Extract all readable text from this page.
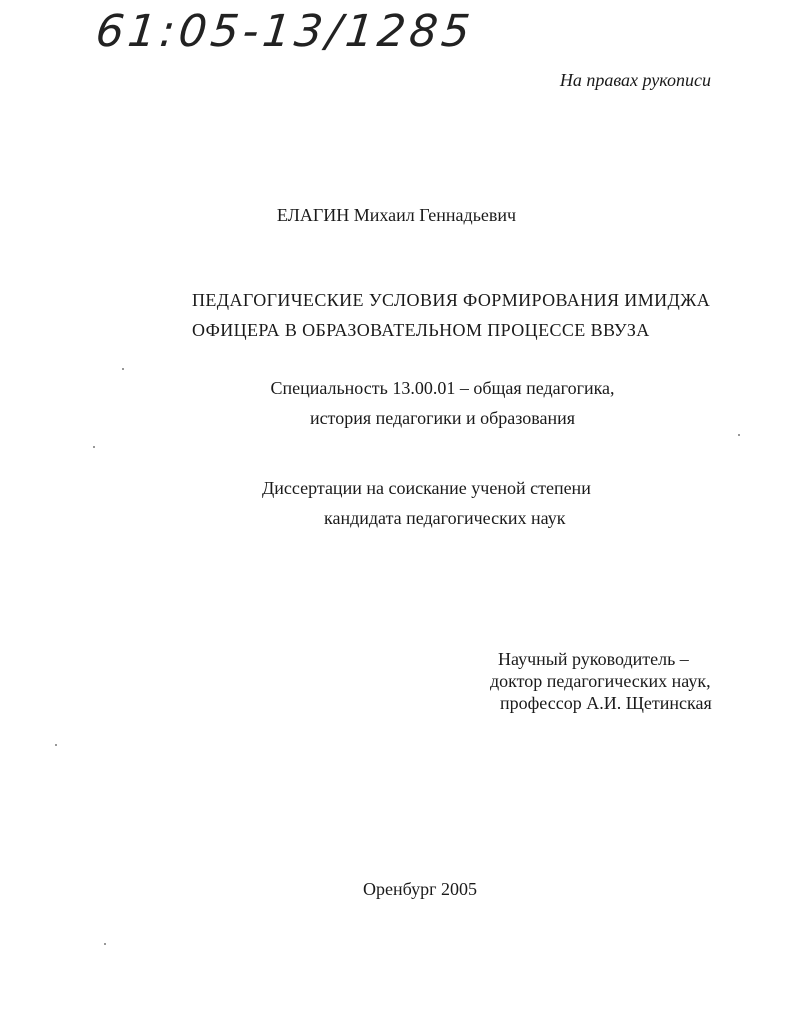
61:05-13/1285
На правах рукописи
ЕЛАГИН Михаил Геннадьевич
ПЕДАГОГИЧЕСКИЕ УСЛОВИЯ ФОРМИРОВАНИЯ ИМИДЖА
ОФИЦЕРА В ОБРАЗОВАТЕЛЬНОМ ПРОЦЕССЕ ВВУЗА
Специальность 13.00.01 – общая педагогика,
история педагогики и образования
Диссертации на соискание ученой степени
кандидата педагогических наук
Научный руководитель –
доктор педагогических наук,
профессор А.И. Щетинская
Оренбург 2005
